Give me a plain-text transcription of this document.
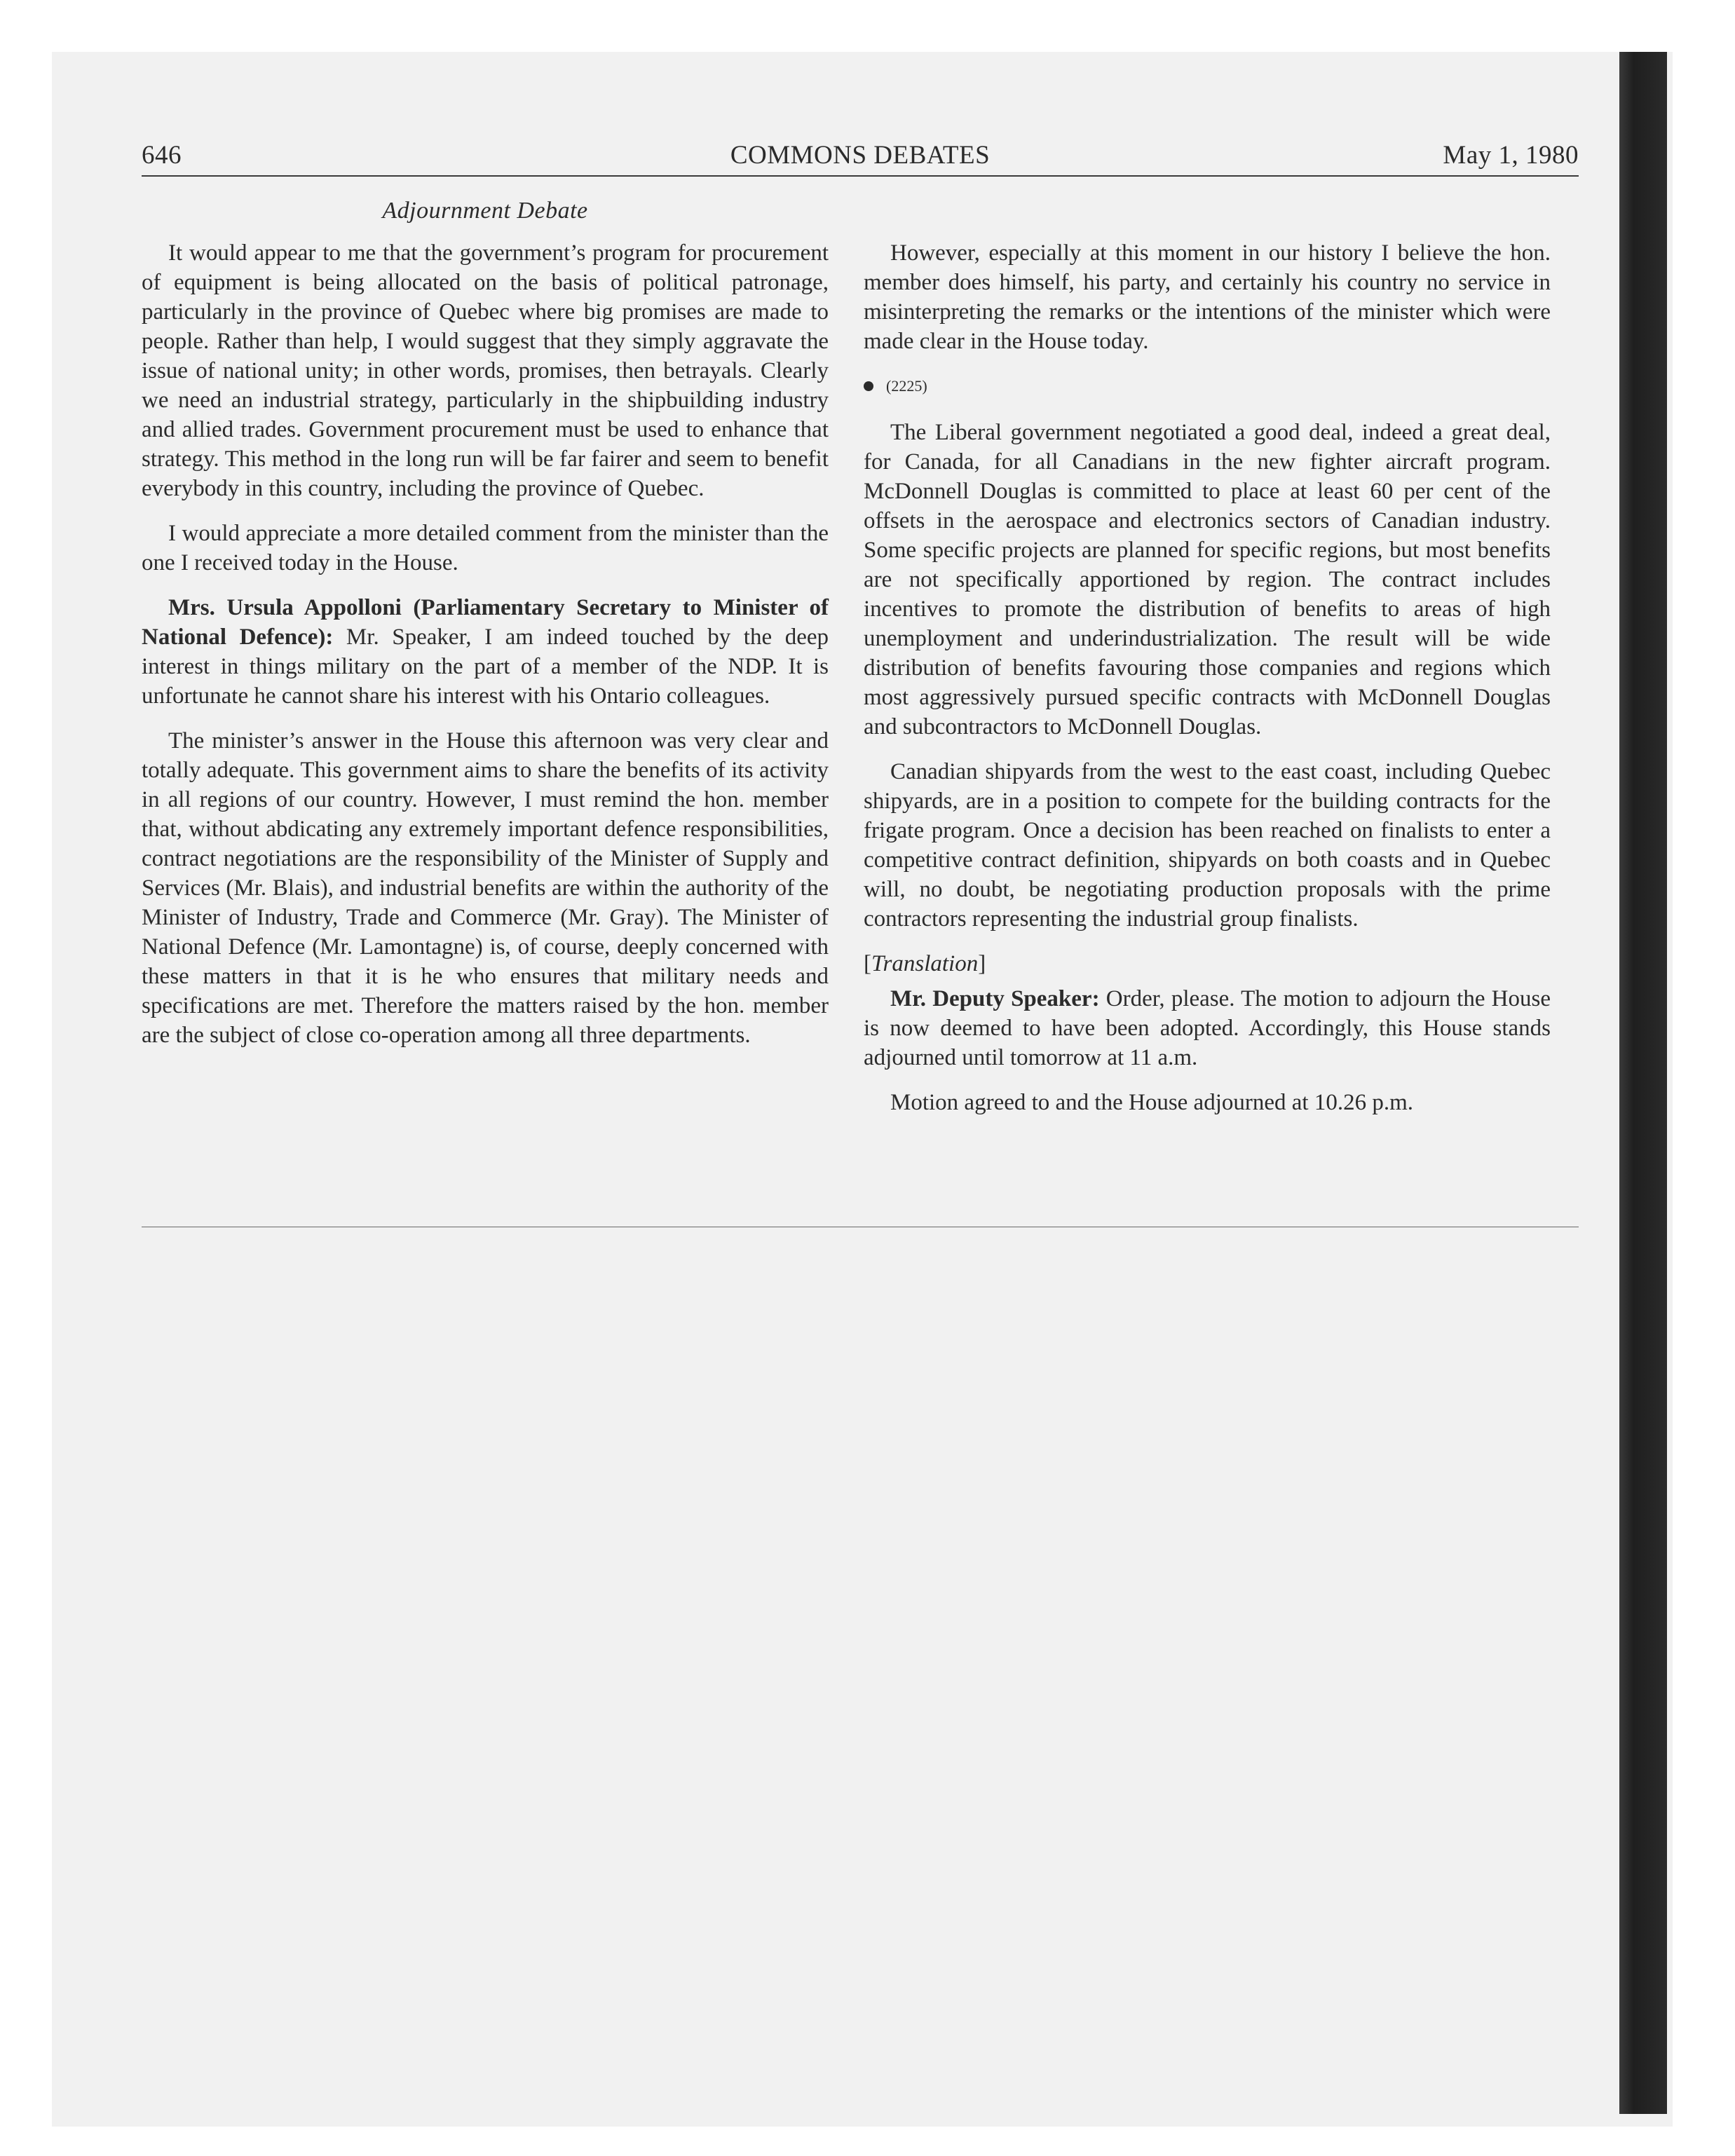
646	COMMONS DEBATES	May 1, 1980
Adjournment Debate

It would appear to me that the government’s program for procurement of equipment is being allocated on the basis of political patronage, particularly in the province of Quebec where big promises are made to people. Rather than help, I would suggest that they simply aggravate the issue of national unity; in other words, promises, then betrayals. Clearly we need an industrial strategy, particularly in the shipbuilding industry and allied trades. Government procurement must be used to enhance that strategy. This method in the long run will be far fairer and seem to benefit everybody in this country, including the province of Quebec.

I would appreciate a more detailed comment from the minister than the one I received today in the House.

Mrs. Ursula Appolloni (Parliamentary Secretary to Minister of National Defence): Mr. Speaker, I am indeed touched by the deep interest in things military on the part of a member of the NDP. It is unfortunate he cannot share his interest with his Ontario colleagues.

The minister’s answer in the House this afternoon was very clear and totally adequate. This government aims to share the benefits of its activity in all regions of our country. However, I must remind the hon. member that, without abdicating any extremely important defence responsibilities, contract negotiations are the responsibility of the Minister of Supply and Services (Mr. Blais), and industrial benefits are within the authority of the Minister of Industry, Trade and Commerce (Mr. Gray). The Minister of National Defence (Mr. Lamontagne) is, of course, deeply concerned with these matters in that it is he who ensures that military needs and specifications are met. Therefore the matters raised by the hon. member are the subject of close co-operation among all three departments.

However, especially at this moment in our history I believe the hon. member does himself, his party, and certainly his country no service in misinterpreting the remarks or the intentions of the minister which were made clear in the House today.

(2225)

The Liberal government negotiated a good deal, indeed a great deal, for Canada, for all Canadians in the new fighter aircraft program. McDonnell Douglas is committed to place at least 60 per cent of the offsets in the aerospace and electronics sectors of Canadian industry. Some specific projects are planned for specific regions, but most benefits are not specifically apportioned by region. The contract includes incentives to promote the distribution of benefits to areas of high unemployment and underindustrialization. The result will be wide distribution of benefits favouring those companies and regions which most aggressively pursued specific contracts with McDonnell Douglas and subcontractors to McDonnell Douglas.

Canadian shipyards from the west to the east coast, including Quebec shipyards, are in a position to compete for the building contracts for the frigate program. Once a decision has been reached on finalists to enter a competitive contract definition, shipyards on both coasts and in Quebec will, no doubt, be negotiating production proposals with the prime contractors representing the industrial group finalists.

[Translation]

Mr. Deputy Speaker: Order, please. The motion to adjourn the House is now deemed to have been adopted. Accordingly, this House stands adjourned until tomorrow at 11 a.m.

Motion agreed to and the House adjourned at 10.26 p.m.
